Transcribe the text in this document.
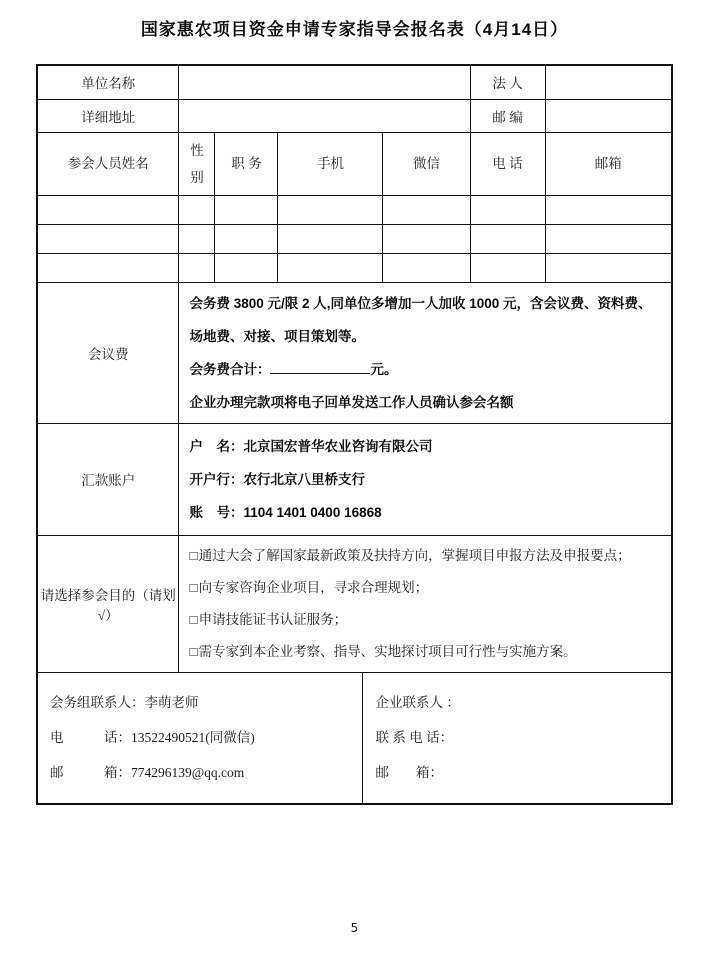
国家惠农项目资金申请专家指导会报名表（4月14日）
单位名称						法 人	
详细地址						邮 编	
参会人员姓名	性别	职 务	手机		微信	电 话	邮箱

会议费	会务费 3800 元/限 2 人,同单位多增加一人加收 1000 元，含会议费、资料费、场地费、对接、项目策划等。

会务费合计： 元。

企业办理完款项将电子回单发送工作人员确认参会名额						

汇款账户	户　名：北京国宏普华农业咨询有限公司

开户行：农行北京八里桥支行

账　号：1104 1401 0400 16868						

请选择参会目的（请划√）	□通过大会了解国家最新政策及扶持方向，掌握项目申报方法及申报要点；
□向专家咨询企业项目，寻求合理规划；
□申请技能证书认证服务；
□需专家到本企业考察、指导、实地探讨项目可行性与实施方案。						

会务组联系人：李萌老师

电　　　话：13522490521(同微信)

邮　　　箱：774296139@qq.com

企业联系人 ：

联 系 电 话：

邮　　箱：

5
